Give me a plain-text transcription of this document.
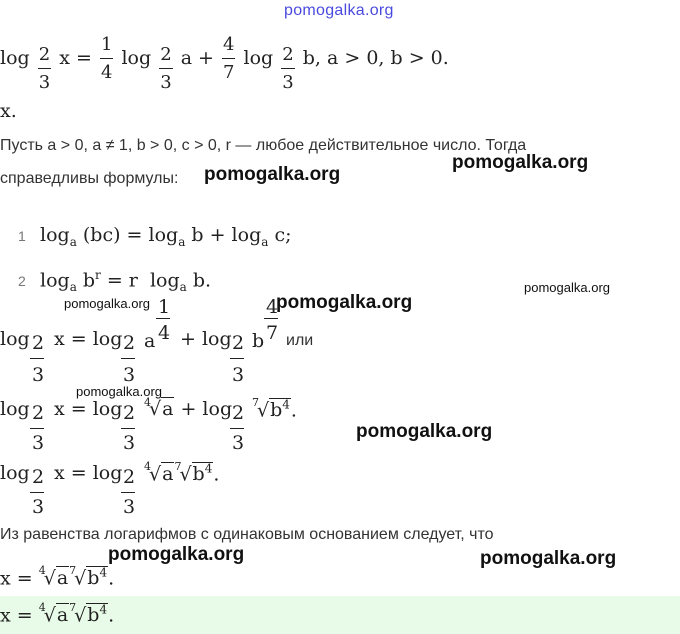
pomogalka.org
pomogalka.org
pomogalka.org
pomogalka.org	pomogalka.org
pomogalka.org
pomogalka.org
pomogalka.org
pomogalka.org	pomogalka.org
$\log \frac{2}{3}$ $x = \frac{1}{4}$ $\log \frac{2}{3}$ $a + \frac{4}{7}$ $\log \frac{2}{3} b$, a > 0, b > 0.
x.
Пусть a > 0, a ≠ 1, b > 0, c > 0, r — любое действительное число. Тогда
справедливы формулы:
1 $\log_a (bc) = \log_a b + \log_a c$;
2 $\log_a b^r = r$  $\log_a b$.
log 2
3
x = log 2
3
a
1
4 + log 2
3
b
4
7 или
log 2
3
x = log 2
3
$^4$√a + log 2
3
$^7√b^4$.
log 2
3
x = log 2
3
$^4√a^7√b^4$.
Из равенства логарифмов с одинаковым основанием следует, что
$x = ^4√a^7√b^4$.
$x = ^4√a^7√b^4$.
